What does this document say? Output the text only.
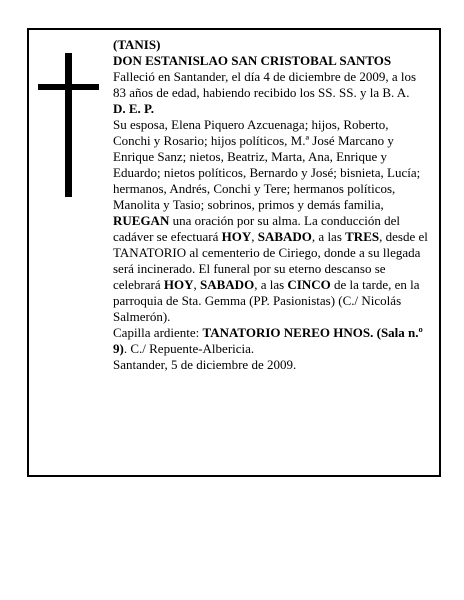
(TANIS)

DON ESTANISLAO SAN CRISTOBAL SANTOS

Falleció en Santander, el día 4 de diciembre de 2009, a los 83 años de edad, habiendo recibido los SS. SS. y la B. A.

D. E. P.

Su esposa, Elena Piquero Azcuenaga; hijos, Roberto, Conchi y Rosario; hijos políticos, M.ª José Marcano y Enrique Sanz; nietos, Beatriz, Marta, Ana, Enrique y Eduardo; nietos políticos, Bernardo y José; bisnieta, Lucía; hermanos, Andrés, Conchi y Tere; hermanos políticos, Manolita y Tasio; sobrinos, primos y demás familia,

RUEGAN una oración por su alma. La conducción del cadáver se efectuará HOY, SABADO, a las TRES, desde el TANATORIO al cementerio de Ciriego, donde a su llegada será incinerado. El funeral por su eterno descanso se celebrará HOY, SABADO, a las CINCO de la tarde, en la parroquia de Sta. Gemma (PP. Pasionistas) (C./ Nicolás Salmerón).

Capilla ardiente: TANATORIO NEREO HNOS. (Sala n.º 9). C./ Repuente-Albericia.

Santander, 5 de diciembre de 2009.
